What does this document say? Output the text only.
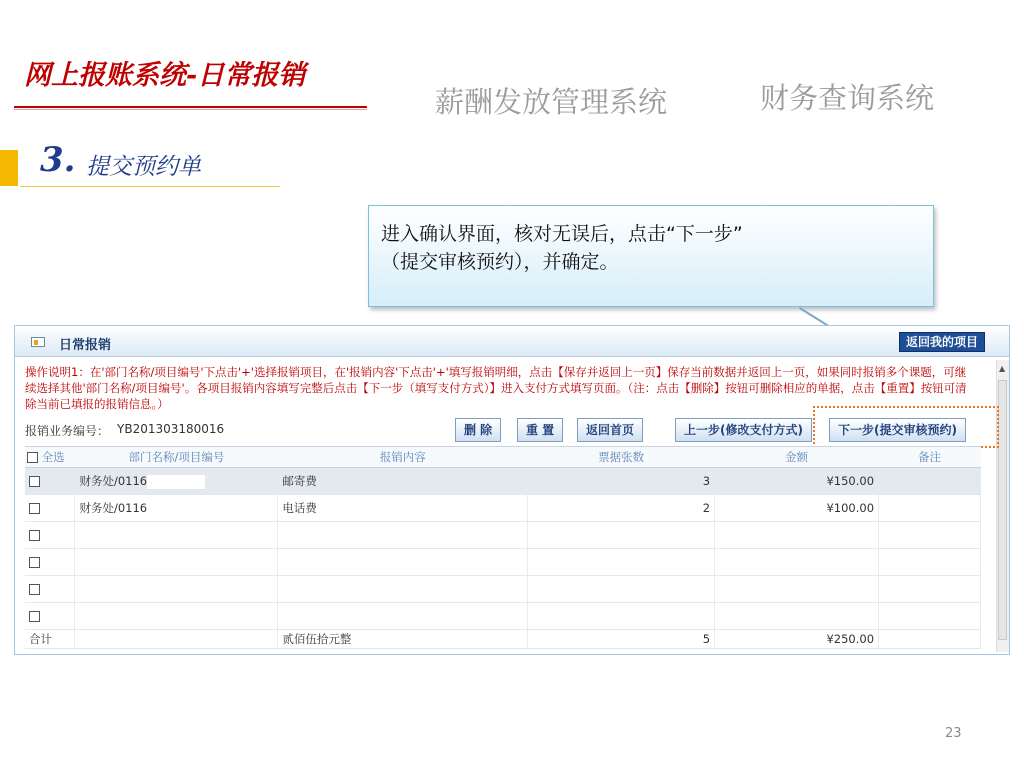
网上报账系统-日常报销
3. 提交预约单
薪酬发放管理系统	财务查询系统
进入确认界面，核对无误后，点击“下一步”
（提交审核预约），并确定。
日常报销	返回我的项目
操作说明1：在'部门名称/项目编号'下点击'+'选择报销项目，在'报销内容'下点击'+'填写报销明细，点击【保存并返回上一页】保存当前数据并返回上一页，如果同时报销多个课题，可继续选择其他'部门名称/项目编号'。各项目报销内容填写完整后点击【下一步（填写支付方式）】进入支付方式填写页面。（注：点击【删除】按钮可删除相应的单据，点击【重置】按钮可清除当前已填报的报销信息。）
▲
报销业务编号： YB201303180016	删 除	重 置	返回首页	上一步(修改支付方式)	下一步(提交审核预约)
全选	部门名称/项目编号	报销内容	票据张数	金额	备注
	财务处/0116	邮寄费	3	¥150.00	
	财务处/0116	电话费	2	¥100.00	

合计		贰佰伍拾元整	5	¥250.00	
23
